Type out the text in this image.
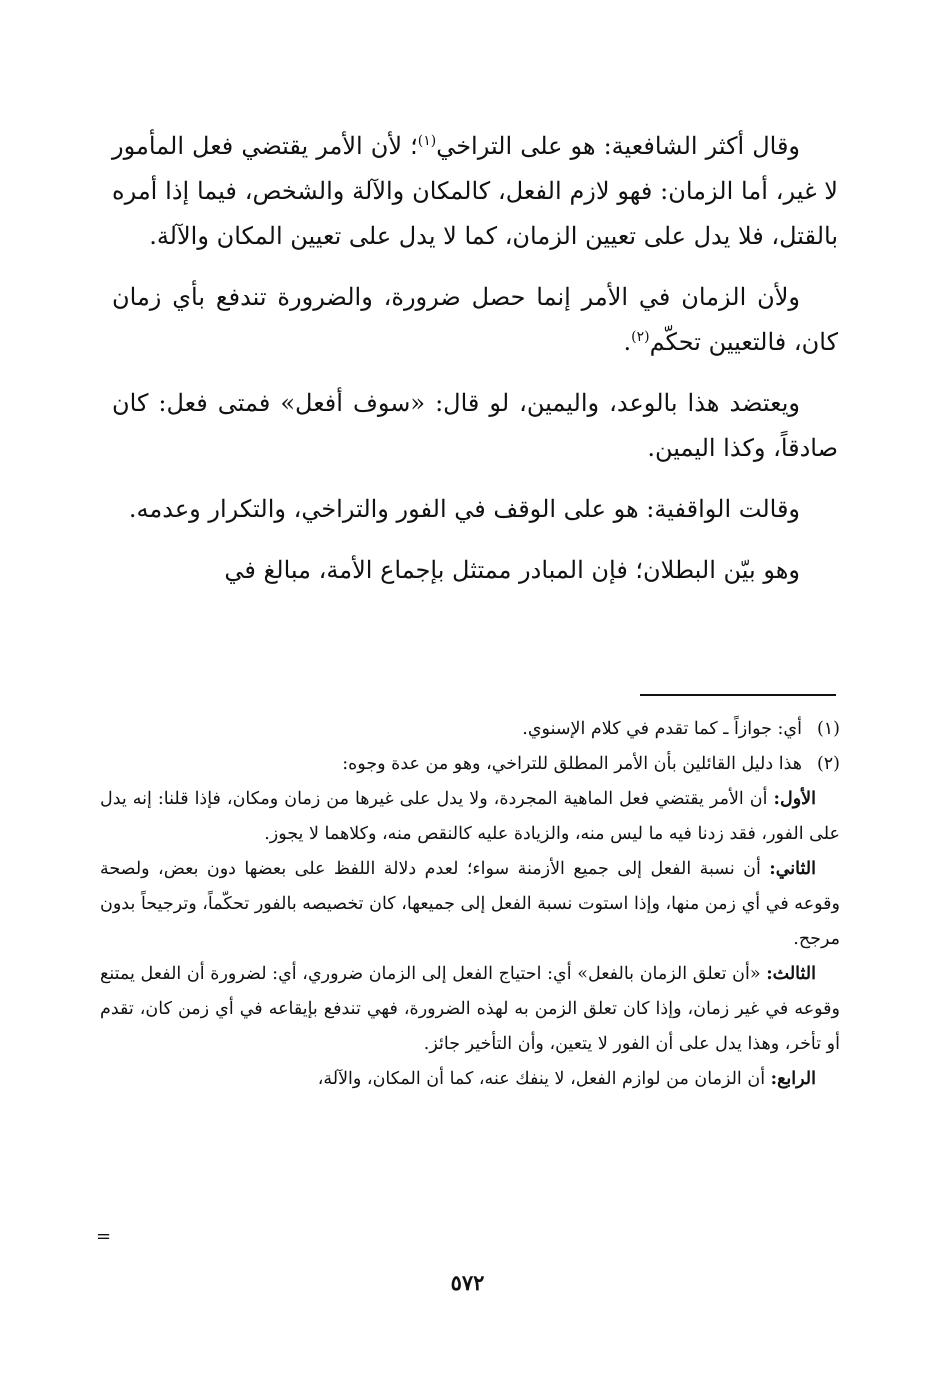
وقال أكثر الشافعية: هو على التراخي$^{(١)}$؛ لأن الأمر يقتضي فعل المأمور لا غير، أما الزمان: فهو لازم الفعل، كالمكان والآلة والشخص، فيما إذا أمره بالقتل، فلا يدل على تعيين الزمان، كما لا يدل على تعيين المكان والآلة.

ولأن الزمان في الأمر إنما حصل ضرورة، والضرورة تندفع بأي زمان كان، فالتعيين تحكّم$^{(٢)}$.

ويعتضد هذا بالوعد، واليمين، لو قال: «سوف أفعل» فمتى فعل: كان صادقاً، وكذا اليمين.

وقالت الواقفية: هو على الوقف في الفور والتراخي، والتكرار وعدمه.

وهو بيّن البطلان؛ فإن المبادر ممتثل بإجماع الأمة، مبالغ في

(١)أي: جوازاً ـ كما تقدم في كلام الإسنوي.

(٢)هذا دليل القائلين بأن الأمر المطلق للتراخي، وهو من عدة وجوه:

الأول: أن الأمر يقتضي فعل الماهية المجردة، ولا يدل على غيرها من زمان ومكان، فإذا قلنا: إنه يدل على الفور، فقد زدنا فيه ما ليس منه، والزيادة عليه كالنقص منه، وكلاهما لا يجوز.

الثاني: أن نسبة الفعل إلى جميع الأزمنة سواء؛ لعدم دلالة اللفظ على بعضها دون بعض، ولصحة وقوعه في أي زمن منها، وإذا استوت نسبة الفعل إلى جميعها، كان تخصيصه بالفور تحكّماً، وترجيحاً بدون مرجح.

الثالث: «أن تعلق الزمان بالفعل» أي: احتياج الفعل إلى الزمان ضروري، أي: لضرورة أن الفعل يمتنع وقوعه في غير زمان، وإذا كان تعلق الزمن به لهذه الضرورة، فهي تندفع بإيقاعه في أي زمن كان، تقدم أو تأخر، وهذا يدل على أن الفور لا يتعين، وأن التأخير جائز.

الرابع: أن الزمان من لوازم الفعل، لا ينفك عنه، كما أن المكان، والآلة،

=
٥٧٢
